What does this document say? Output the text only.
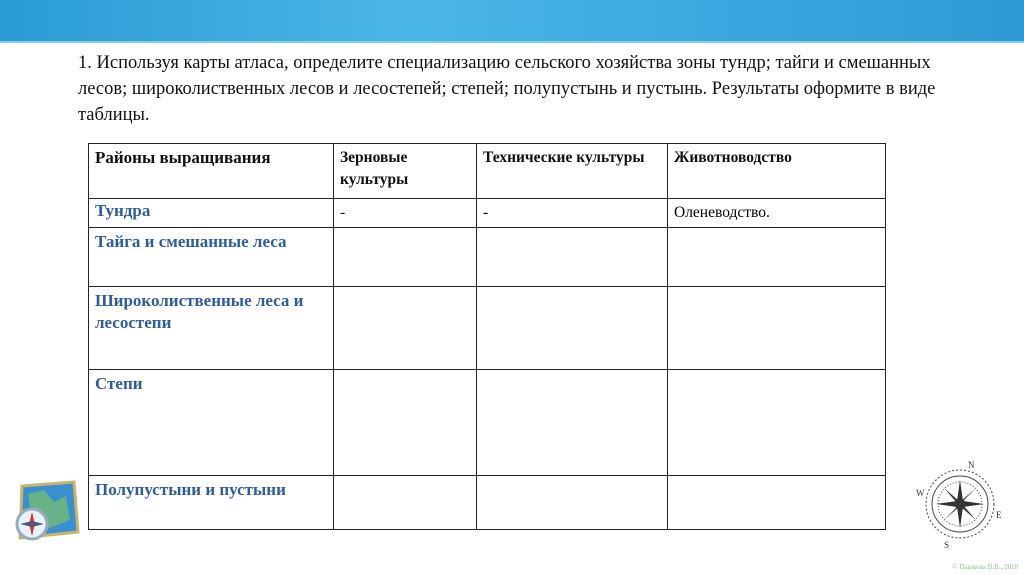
1. Используя карты атласа, определите специализацию сельского хозяйства зоны тундр; тайги и смешанных лесов; широколиственных лесов и лесостепей; степей; полупустынь и пустынь. Результаты оформите в виде таблицы.
Районы выращивания	Зерновые культуры	Технические культуры	Животноводство
Тундра	-	-	Оленеводство.
Тайга и смешанные леса			
Широколиственные леса и лесостепи			
Степи			
Полупустыни и пустыни			
N
W
S
E
© Пашкова В.В., 2018
